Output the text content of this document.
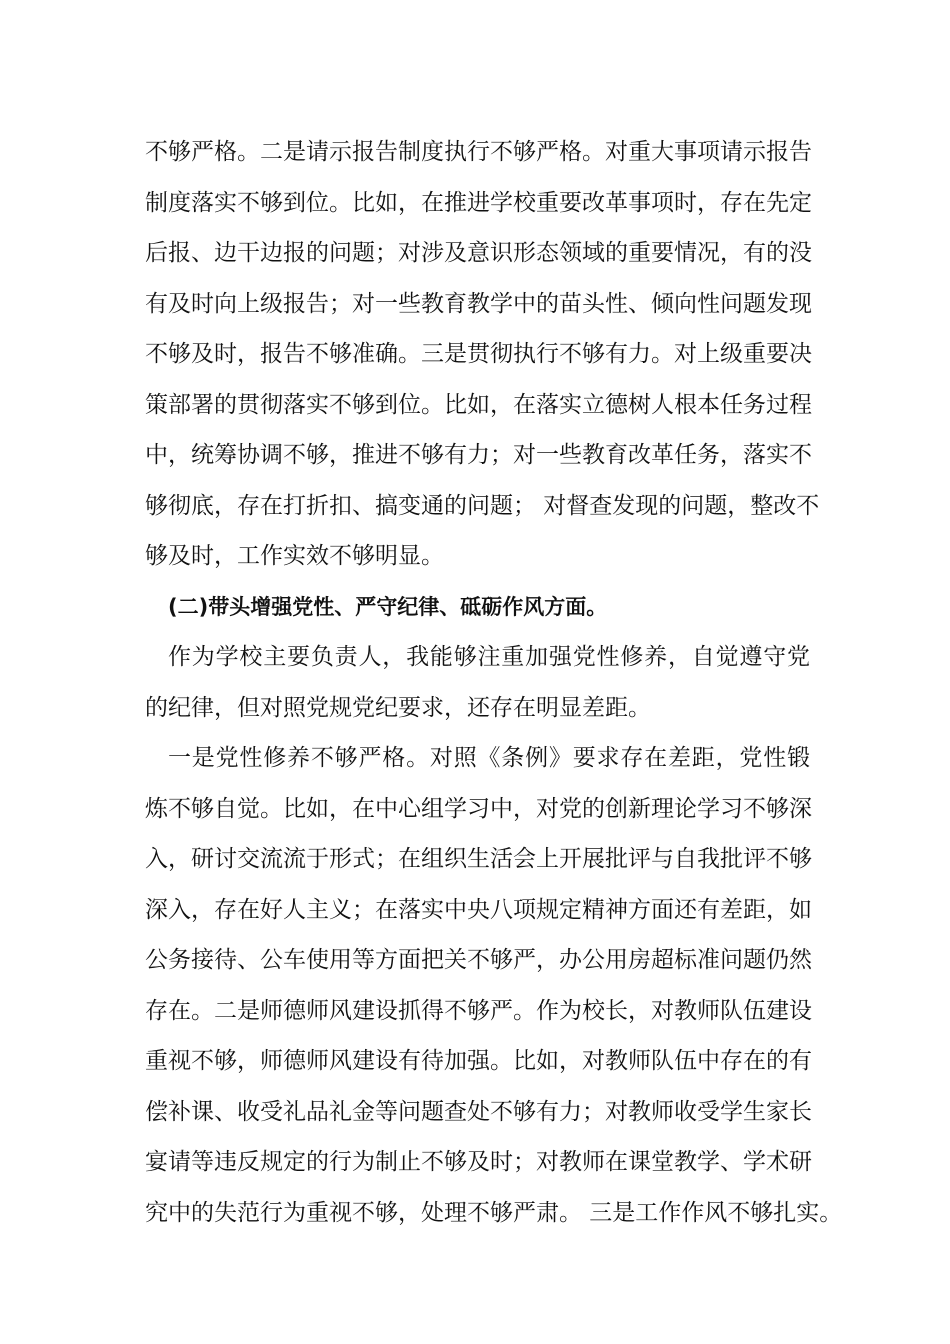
不够严格。二是请示报告制度执行不够严格。对重大事项请示报告
制度落实不够到位。比如，在推进学校重要改革事项时，存在先定
后报、边干边报的问题；对涉及意识形态领域的重要情况，有的没
有及时向上级报告；对一些教育教学中的苗头性、倾向性问题发现
不够及时，报告不够准确。三是贯彻执行不够有力。对上级重要决
策部署的贯彻落实不够到位。比如，在落实立德树人根本任务过程
中，统筹协调不够，推进不够有力；对一些教育改革任务，落实不
够彻底，存在打折扣、搞变通的问题； 对督查发现的问题，整改不
够及时，工作实效不够明显。
(二)带头增强党性、严守纪律、砥砺作风方面。
作为学校主要负责人，我能够注重加强党性修养，自觉遵守党
的纪律，但对照党规党纪要求，还存在明显差距。
一是党性修养不够严格。对照《条例》要求存在差距，党性锻
炼不够自觉。比如，在中心组学习中，对党的创新理论学习不够深
入，研讨交流流于形式；在组织生活会上开展批评与自我批评不够
深入，存在好人主义；在落实中央八项规定精神方面还有差距，如
公务接待、公车使用等方面把关不够严，办公用房超标准问题仍然
存在。二是师德师风建设抓得不够严。作为校长，对教师队伍建设
重视不够，师德师风建设有待加强。比如，对教师队伍中存在的有
偿补课、收受礼品礼金等问题查处不够有力；对教师收受学生家长
宴请等违反规定的行为制止不够及时；对教师在课堂教学、学术研
究中的失范行为重视不够，处理不够严肃。 三是工作作风不够扎实。
